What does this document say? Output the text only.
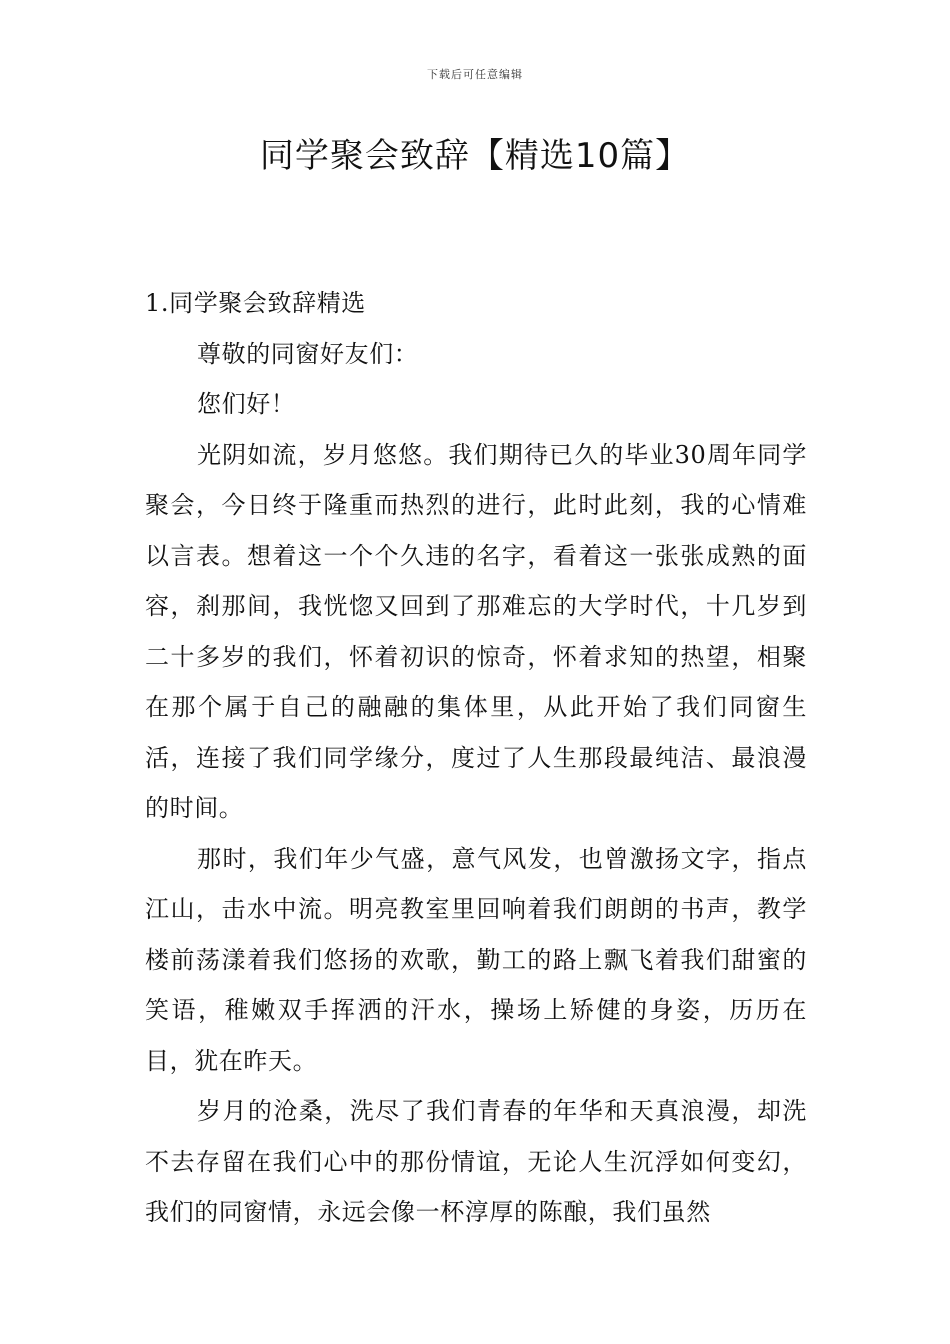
下载后可任意编辑
同学聚会致辞【精选10篇】

1.同学聚会致辞精选

尊敬的同窗好友们：

您们好！

光阴如流，岁月悠悠。我们期待已久的毕业30周年同学聚会，今日终于隆重而热烈的进行，此时此刻，我的心情难以言表。想着这一个个久违的名字，看着这一张张成熟的面容，刹那间，我恍惚又回到了那难忘的大学时代，十几岁到二十多岁的我们，怀着初识的惊奇，怀着求知的热望，相聚在那个属于自己的融融的集体里，从此开始了我们同窗生活，连接了我们同学缘分，度过了人生那段最纯洁、最浪漫的时间。

那时，我们年少气盛，意气风发，也曾激扬文字，指点江山，击水中流。明亮教室里回响着我们朗朗的书声，教学楼前荡漾着我们悠扬的欢歌，勤工的路上飘飞着我们甜蜜的笑语，稚嫩双手挥洒的汗水，操场上矫健的身姿，历历在目，犹在昨天。

岁月的沧桑，洗尽了我们青春的年华和天真浪漫，却洗不去存留在我们心中的那份情谊，无论人生沉浮如何变幻，我们的同窗情，永远会像一杯淳厚的陈酿，我们虽然
